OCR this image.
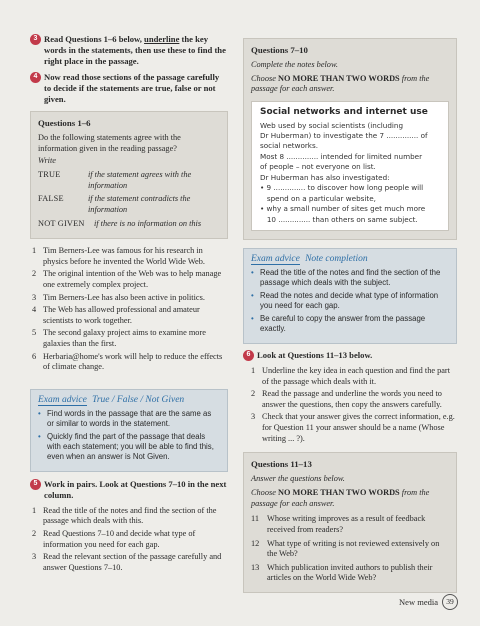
3 Read Questions 1–6 below, underline the key words in the statements, then use these to find the right place in the passage.
4 Now read those sections of the passage carefully to decide if the statements are true, false or not given.
Questions 1–6
Do the following statements agree with the information given in the reading passage?
Write
TRUE	if the statement agrees with the information
FALSE	if the statement contradicts the information
NOT GIVEN	if there is no information on this
1 Tim Berners-Lee was famous for his research in physics before he invented the World Wide Web.
2 The original intention of the Web was to help manage one extremely complex project.
3 Tim Berners-Lee has also been active in politics.
4 The Web has allowed professional and amateur scientists to work together.
5 The second galaxy project aims to examine more galaxies than the first.
6 Herbaria@home's work will help to reduce the effects of climate change.
Exam advice True / False / Not Given
• Find words in the passage that are the same as or similar to words in the statement.
• Quickly find the part of the passage that deals with each statement; you will be able to find this, even when an answer is Not Given.
5 Work in pairs. Look at Questions 7–10 in the next column.
1 Read the title of the notes and find the section of the passage which deals with this.
2 Read Questions 7–10 and decide what type of information you need for each gap.
3 Read the relevant section of the passage carefully and answer Questions 7–10.
Questions 7–10
Complete the notes below.
Choose NO MORE THAN TWO WORDS from the passage for each answer.
Social networks and internet use
Web used by social scientists (including
Dr Huberman) to investigate the 7 .............. of
social networks.
Most 8 .............. intended for limited number
of people – not everyone on list.
Dr Huberman has also investigated:
• 9 .............. to discover how long people will
spend on a particular website,
• why a small number of sites get much more
10 .............. than others on same subject.
Exam advice Note completion
• Read the title of the notes and find the section of the passage which deals with the subject.
• Read the notes and decide what type of information you need for each gap.
• Be careful to copy the answer from the passage exactly.
6 Look at Questions 11–13 below.
1 Underline the key idea in each question and find the part of the passage which deals with it.
2 Read the passage and underline the words you need to answer the questions, then copy the answers carefully.
3 Check that your answer gives the correct information, e.g. for Question 11 your answer should be a name (Whose writing ... ?).
Questions 11–13
Answer the questions below.
Choose NO MORE THAN TWO WORDS from the passage for each answer.
11 Whose writing improves as a result of feedback received from readers?
12 What type of writing is not reviewed extensively on the Web?
13 Which publication invited authors to publish their articles on the World Wide Web?
New media	39
